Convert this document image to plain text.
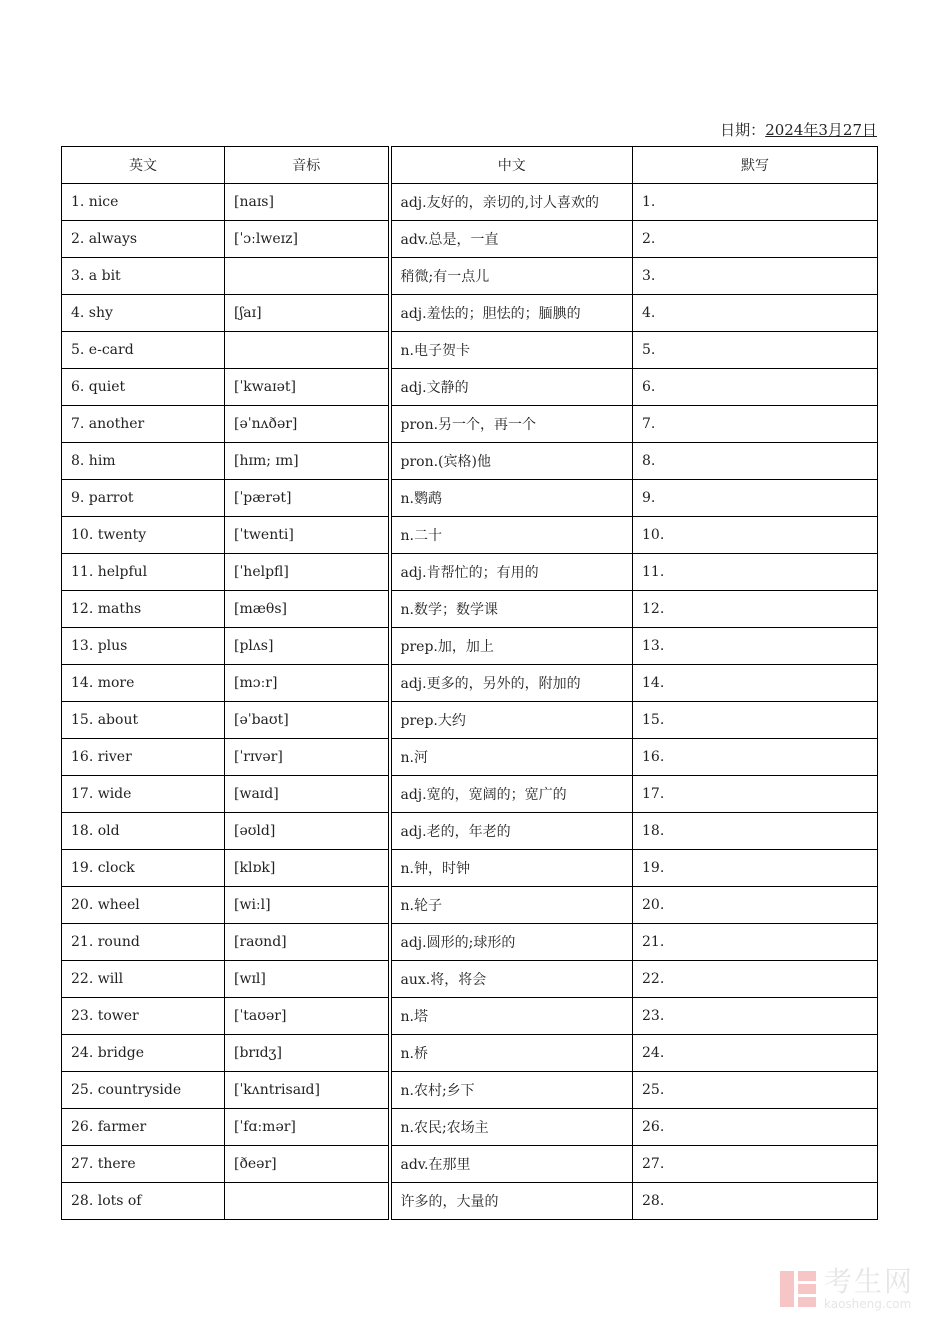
日期：2024年3月27日
英文	音标	中文	默写
1. nice	[naɪs]	adj.友好的，亲切的,讨人喜欢的	1.
2. always	[ˈɔːlweɪz]	adv.总是，一直	2.
3. a bit		稍微;有一点儿	3.
4. shy	[ʃaɪ]	adj.羞怯的；胆怯的；腼腆的	4.
5. e-card		n.电子贺卡	5.
6. quiet	[ˈkwaɪət]	adj.文静的	6.
7. another	[əˈnʌðər]	pron.另一个，再一个	7.
8. him	[hɪm; ɪm]	pron.(宾格)他	8.
9. parrot	[ˈpærət]	n.鹦鹉	9.
10. twenty	[ˈtwenti]	n.二十	10.
11. helpful	[ˈhelpfl]	adj.肯帮忙的；有用的	11.
12. maths	[mæθs]	n.数学；数学课	12.
13. plus	[plʌs]	prep.加，加上	13.
14. more	[mɔːr]	adj.更多的，另外的，附加的	14.
15. about	[əˈbaʊt]	prep.大约	15.
16. river	[ˈrɪvər]	n.河	16.
17. wide	[waɪd]	adj.宽的，宽阔的；宽广的	17.
18. old	[əʊld]	adj.老的，年老的	18.
19. clock	[klɒk]	n.钟，时钟	19.
20. wheel	[wiːl]	n.轮子	20.
21. round	[raʊnd]	adj.圆形的;球形的	21.
22. will	[wɪl]	aux.将，将会	22.
23. tower	[ˈtaʊər]	n.塔	23.
24. bridge	[brɪdʒ]	n.桥	24.
25. countryside	[ˈkʌntrisaɪd]	n.农村;乡下	25.
26. farmer	[ˈfɑːmər]	n.农民;农场主	26.
27. there	[ðeər]	adv.在那里	27.
28. lots of		许多的，大量的	28.
考生网
kaosheng.com
